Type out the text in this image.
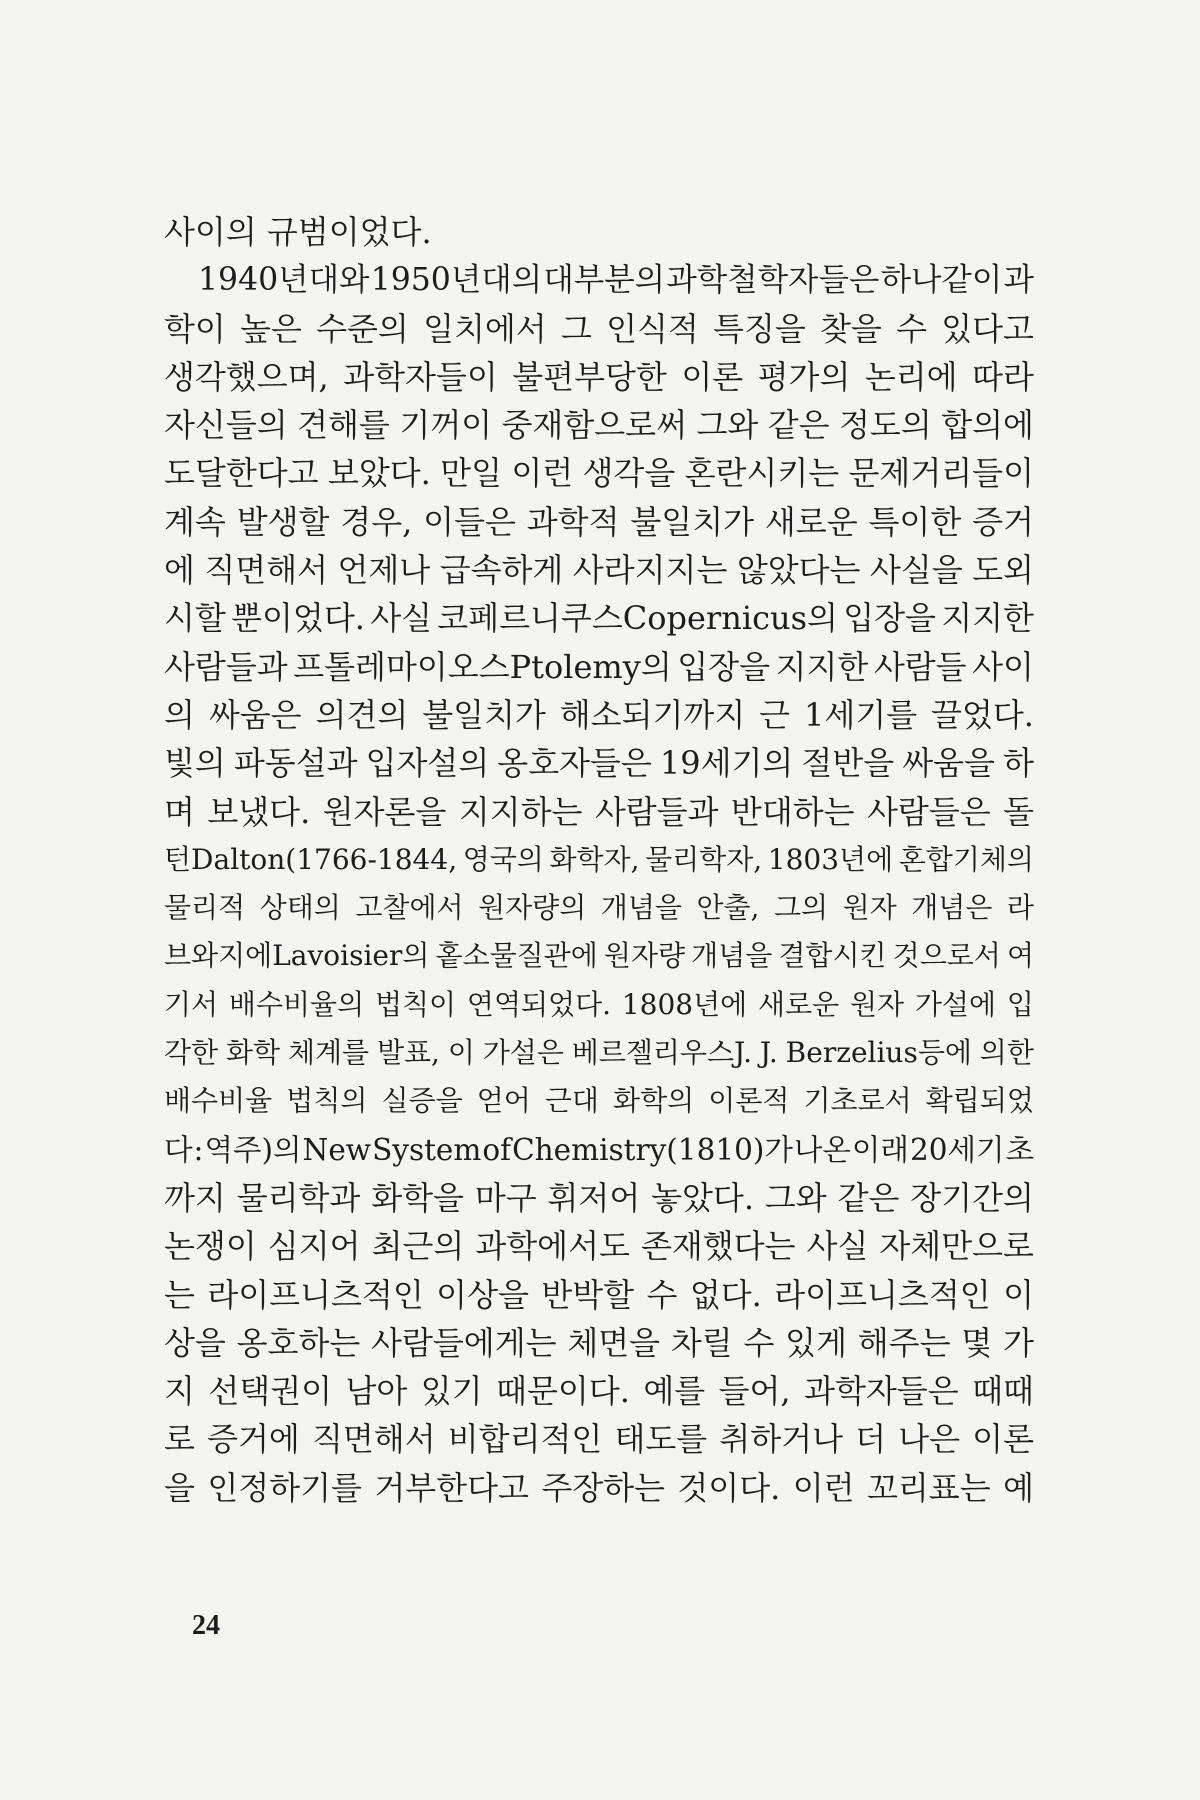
사이의 규범이었다.
1940년대와 1950년대의 대부분의 과학철학자들은 하나같이 과
학이 높은 수준의 일치에서 그 인식적 특징을 찾을 수 있다고
생각했으며, 과학자들이 불편부당한 이론 평가의 논리에 따라
자신들의 견해를 기꺼이 중재함으로써 그와 같은 정도의 합의에
도달한다고 보았다. 만일 이런 생각을 혼란시키는 문제거리들이
계속 발생할 경우, 이들은 과학적 불일치가 새로운 특이한 증거
에 직면해서 언제나 급속하게 사라지지는 않았다는 사실을 도외
시할 뿐이었다. 사실 코페르니쿠스Copernicus의 입장을 지지한
사람들과 프톨레마이오스Ptolemy의 입장을 지지한 사람들 사이
의 싸움은 의견의 불일치가 해소되기까지 근 1세기를 끌었다.
빛의 파동설과 입자설의 옹호자들은 19세기의 절반을 싸움을 하
며 보냈다. 원자론을 지지하는 사람들과 반대하는 사람들은 돌
턴Dalton(1766-1844, 영국의 화학자, 물리학자, 1803년에 혼합기체의
물리적 상태의 고찰에서 원자량의 개념을 안출, 그의 원자 개념은 라
브와지에Lavoisier의 홑소물질관에 원자량 개념을 결합시킨 것으로서 여
기서 배수비율의 법칙이 연역되었다. 1808년에 새로운 원자 가설에 입
각한 화학 체계를 발표, 이 가설은 베르젤리우스J. J. Berzelius등에 의한
배수비율 법칙의 실증을 얻어 근대 화학의 이론적 기초로서 확립되었
다 : 역주)의 New System of Chemistry(1810)가 나온 이래 20세기 초
까지 물리학과 화학을 마구 휘저어 놓았다. 그와 같은 장기간의
논쟁이 심지어 최근의 과학에서도 존재했다는 사실 자체만으로
는 라이프니츠적인 이상을 반박할 수 없다. 라이프니츠적인 이
상을 옹호하는 사람들에게는 체면을 차릴 수 있게 해주는 몇 가
지 선택권이 남아 있기 때문이다. 예를 들어, 과학자들은 때때
로 증거에 직면해서 비합리적인 태도를 취하거나 더 나은 이론
을 인정하기를 거부한다고 주장하는 것이다. 이런 꼬리표는 예
24
